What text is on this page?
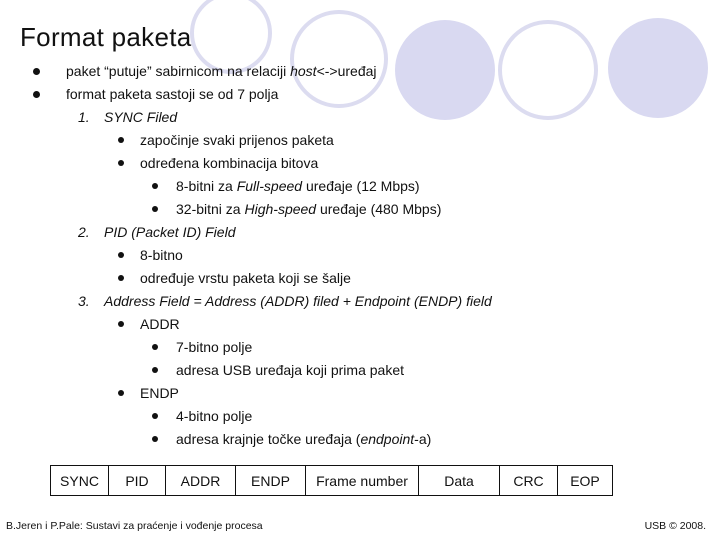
Format paketa
paket “putuje” sabirnicom na relaciji host<->uređaj
format paketa sastoji se od 7 polja
1. SYNC Filed
započinje svaki prijenos paketa
određena kombinacija bitova
8-bitni za Full-speed uređaje (12 Mbps)
32-bitni za High-speed uređaje (480 Mbps)
2. PID (Packet ID) Field
8-bitno
određuje vrstu paketa koji se šalje
3. Address Field = Address (ADDR) filed + Endpoint (ENDP) field
ADDR
7-bitno polje
adresa USB uređaja koji prima paket
ENDP
4-bitno polje
adresa krajnje točke uređaja (endpoint-a)
SYNC	PID	ADDR	ENDP	Frame number	Data	CRC	EOP
B.Jeren i P.Pale: Sustavi za praćenje i vođenje procesa	USB © 2008.
